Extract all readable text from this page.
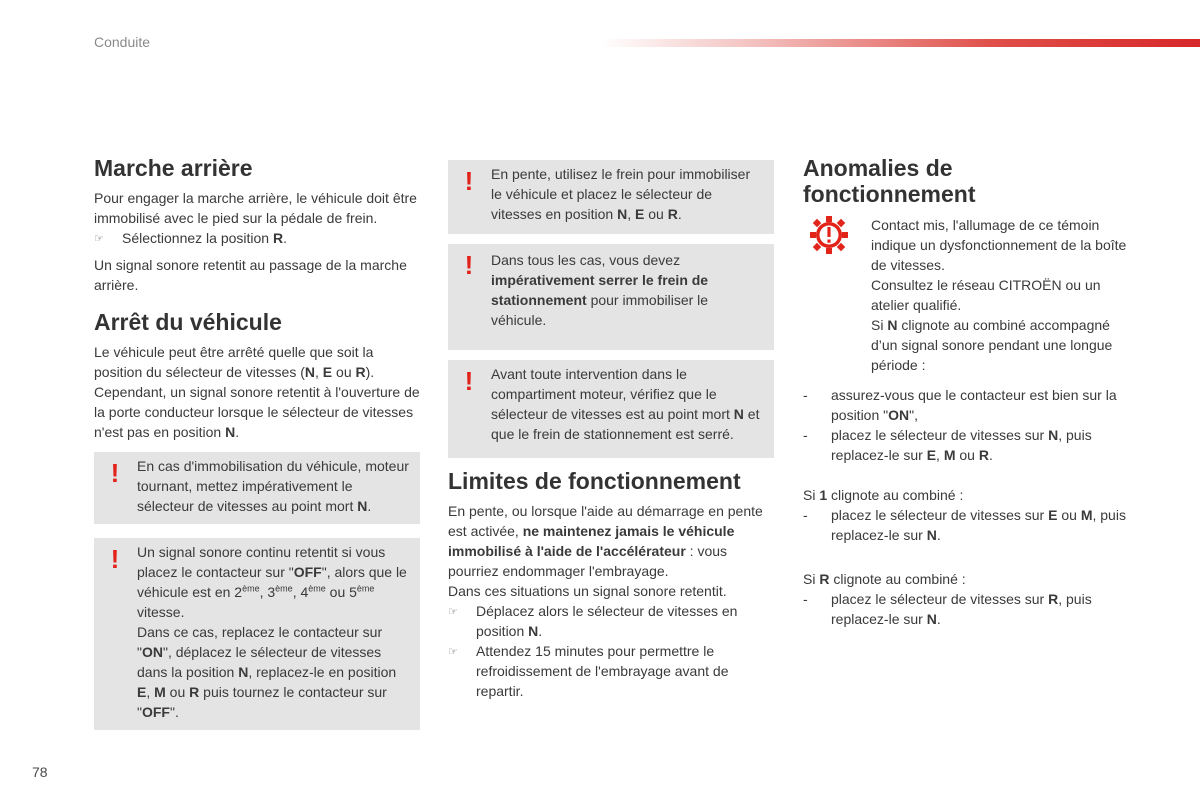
Conduite
Marche arrière

Pour engager la marche arrière, le véhicule doit être immobilisé avec le pied sur la pédale de frein.

☞	Sélectionnez la position R.

Un signal sonore retentit au passage de la marche arrière.

Arrêt du véhicule

Le véhicule peut être arrêté quelle que soit la position du sélecteur de vitesses (N, E ou R).

Cependant, un signal sonore retentit à l'ouverture de la porte conducteur lorsque le sélecteur de vitesses n'est pas en position N.

! En cas d'immobilisation du véhicule, moteur tournant, mettez impérativement le sélecteur de vitesses au point mort N.
! Un signal sonore continu retentit si vous placez le contacteur sur "OFF", alors que le véhicule est en 2ème, 3ème, 4ème ou 5ème vitesse.
Dans ce cas, replacez le contacteur sur "ON", déplacez le sélecteur de vitesses dans la position N, replacez-le en position E, M ou R puis tournez le contacteur sur "OFF".
! En pente, utilisez le frein pour immobiliser le véhicule et placez le sélecteur de vitesses en position N, E ou R.
! Dans tous les cas, vous devez impérativement serrer le frein de stationnement pour immobiliser le véhicule.
! Avant toute intervention dans le compartiment moteur, vérifiez que le sélecteur de vitesses est au point mort N et que le frein de stationnement est serré.
Limites de fonctionnement

En pente, ou lorsque l'aide au démarrage en pente est activée, ne maintenez jamais le véhicule immobilisé à l'aide de l'accélérateur : vous pourriez endommager l'embrayage.

Dans ces situations un signal sonore retentit.

☞	Déplacez alors le sélecteur de vitesses en position N.
☞	Attendez 15 minutes pour permettre le refroidissement de l'embrayage avant de repartir.
Anomalies de
fonctionnement

Contact mis, l'allumage de ce témoin indique un dysfonctionnement de la boîte de vitesses.

Consultez le réseau CITROËN ou un atelier qualifié.

Si N clignote au combiné accompagné d’un signal sonore pendant une longue période :

-	assurez-vous que le contacteur est bien sur la position "ON",
-	placez le sélecteur de vitesses sur N, puis replacez-le sur E, M ou R.

Si 1 clignote au combiné :

-	placez le sélecteur de vitesses sur E ou M, puis replacez-le sur N.

Si R clignote au combiné :

-	placez le sélecteur de vitesses sur R, puis replacez-le sur N.
78
